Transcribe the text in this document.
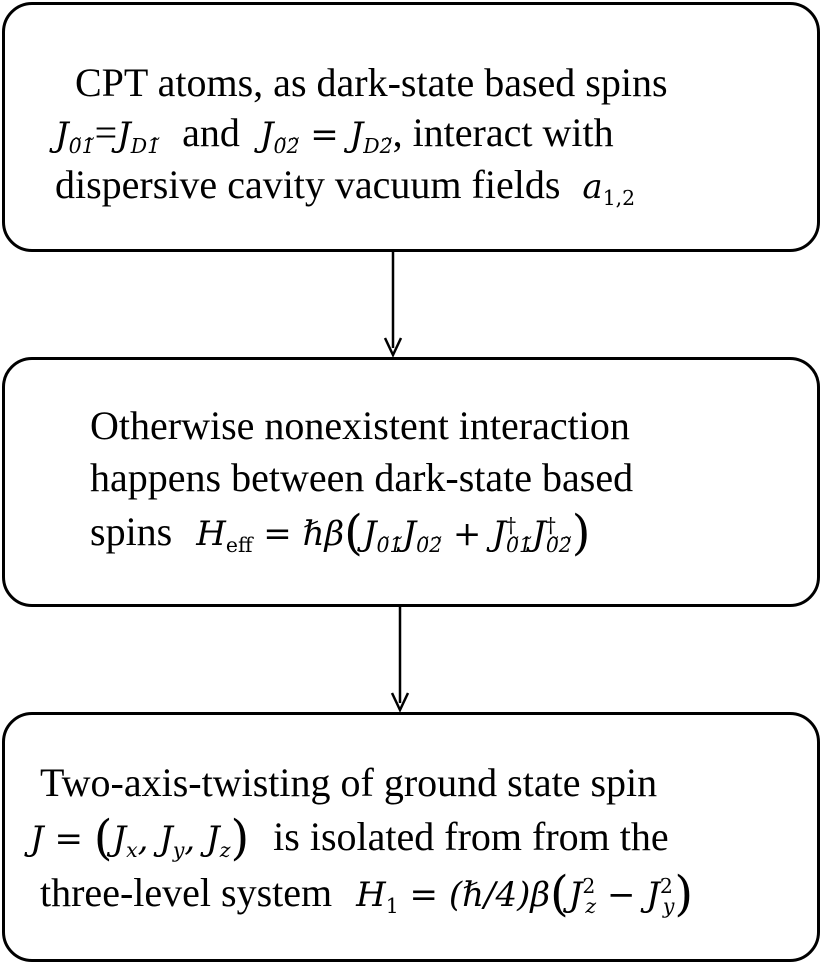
CPT atoms, as dark-state based spins
$J_{0̃1̃}=J_{D1̃}$ and $J_{0̃2̃} = J_{D2̃}$, interact with
dispersive cavity vacuum fields $a_{1,2}$
Otherwise nonexistent interaction
happens between dark-state based
spins $H_{eff}$ = $\hbar\beta(J_{0̃1̃}J_{0̃2̃} + J^\dagger_{0̃1̃}J^\dagger_{0̃2̃})$
Two-axis-twisting of ground state spin
$J = (J_x$, $J_y$, $J_z$) is isolated from from the
three-level system $H_1$ = $(\hbar/4)\beta(J^2_z - J^2_y)$
